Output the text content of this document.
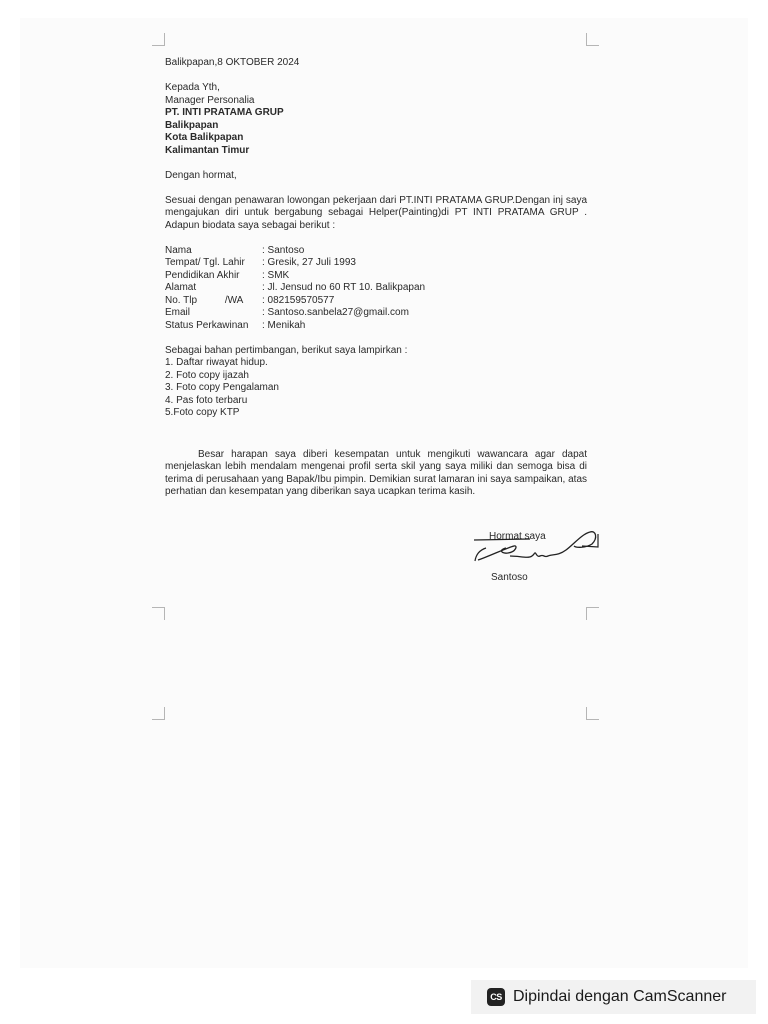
Balikpapan,8 OKTOBER 2024

Kepada Yth,
Manager Personalia
PT. INTI PRATAMA GRUP
Balikpapan
Kota Balikpapan
Kalimantan Timur

Dengan hormat,

Sesuai dengan penawaran lowongan pekerjaan dari PT.INTI PRATAMA GRUP.Dengan inj saya mengajukan diri untuk bergabung sebagai Helper(Painting)di PT INTI PRATAMA GRUP . Adapun biodata saya sebagai berikut :

Nama	: Santoso
Tempat/ Tgl. Lahir	: Gresik, 27 Juli 1993
Pendidikan Akhir	: SMK
Alamat	: Jl. Jensud no 60 RT 10. Balikpapan
No. Tlp          /WA	: 082159570577
Email	: Santoso.sanbela27@gmail.com
Status Perkawinan	: Menikah

Sebagai bahan pertimbangan, berikut saya lampirkan :

1. Daftar riwayat hidup.
2. Foto copy ijazah
3. Foto copy Pengalaman
4. Pas foto terbaru
5.Foto copy KTP

Besar harapan saya diberi kesempatan untuk mengikuti wawancara agar dapat menjelaskan lebih mendalam mengenai profil serta skil yang saya miliki dan semoga bisa di terima di perusahaan yang Bapak/Ibu pimpin. Demikian surat lamaran ini saya sampaikan, atas perhatian dan kesempatan yang diberikan saya ucapkan terima kasih.

Hormat saya
Santoso
CS Dipindai dengan CamScanner
